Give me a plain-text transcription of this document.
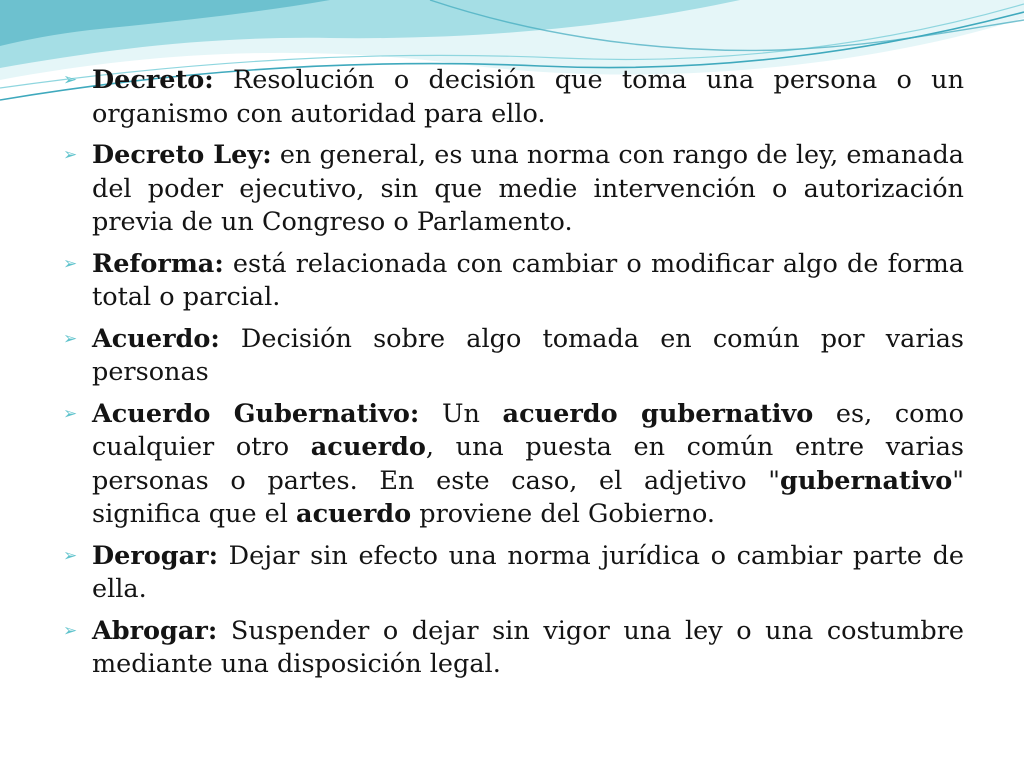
➢ Decreto: Resolución o decisión que toma una persona o un organismo con autoridad para ello.
➢ Decreto Ley: en general, es una norma con rango de ley, emanada del poder ejecutivo, sin que medie intervención o autorización previa de un Congreso o Parlamento.
➢ Reforma: está relacionada con cambiar o modificar algo de forma total o parcial.
➢ Acuerdo: Decisión sobre algo tomada en común por varias personas
➢ Acuerdo Gubernativo: Un acuerdo gubernativo es, como cualquier otro acuerdo, una puesta en común entre varias personas o partes. En este caso, el adjetivo "gubernativo" significa que el acuerdo proviene del Gobierno.
➢ Derogar: Dejar sin efecto una norma jurídica o cambiar parte de ella.
➢ Abrogar: Suspender o dejar sin vigor una ley o una costumbre mediante una disposición legal.
